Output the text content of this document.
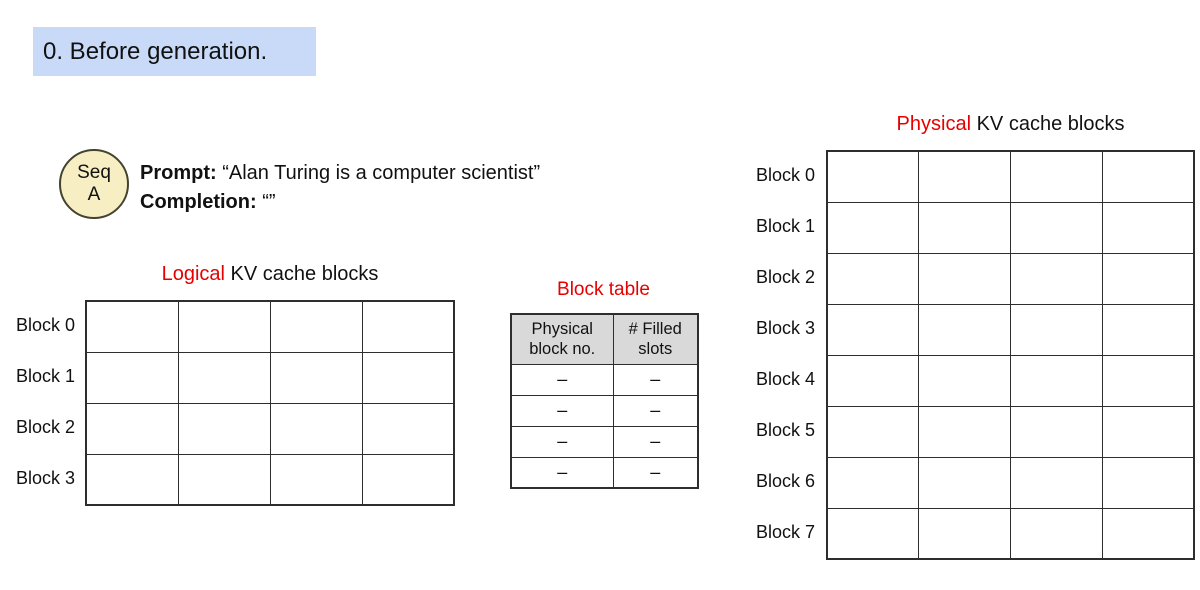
0. Before generation.
Seq
A
Prompt: “Alan Turing is a computer scientist”
Completion: “”
Logical KV cache blocks
Block 0
Block 1
Block 2
Block 3

Block table
Physical block no.	# Filled slots
–	–
–	–
–	–
–	–
Physical KV cache blocks
Block 0
Block 1
Block 2
Block 3
Block 4
Block 5
Block 6
Block 7
